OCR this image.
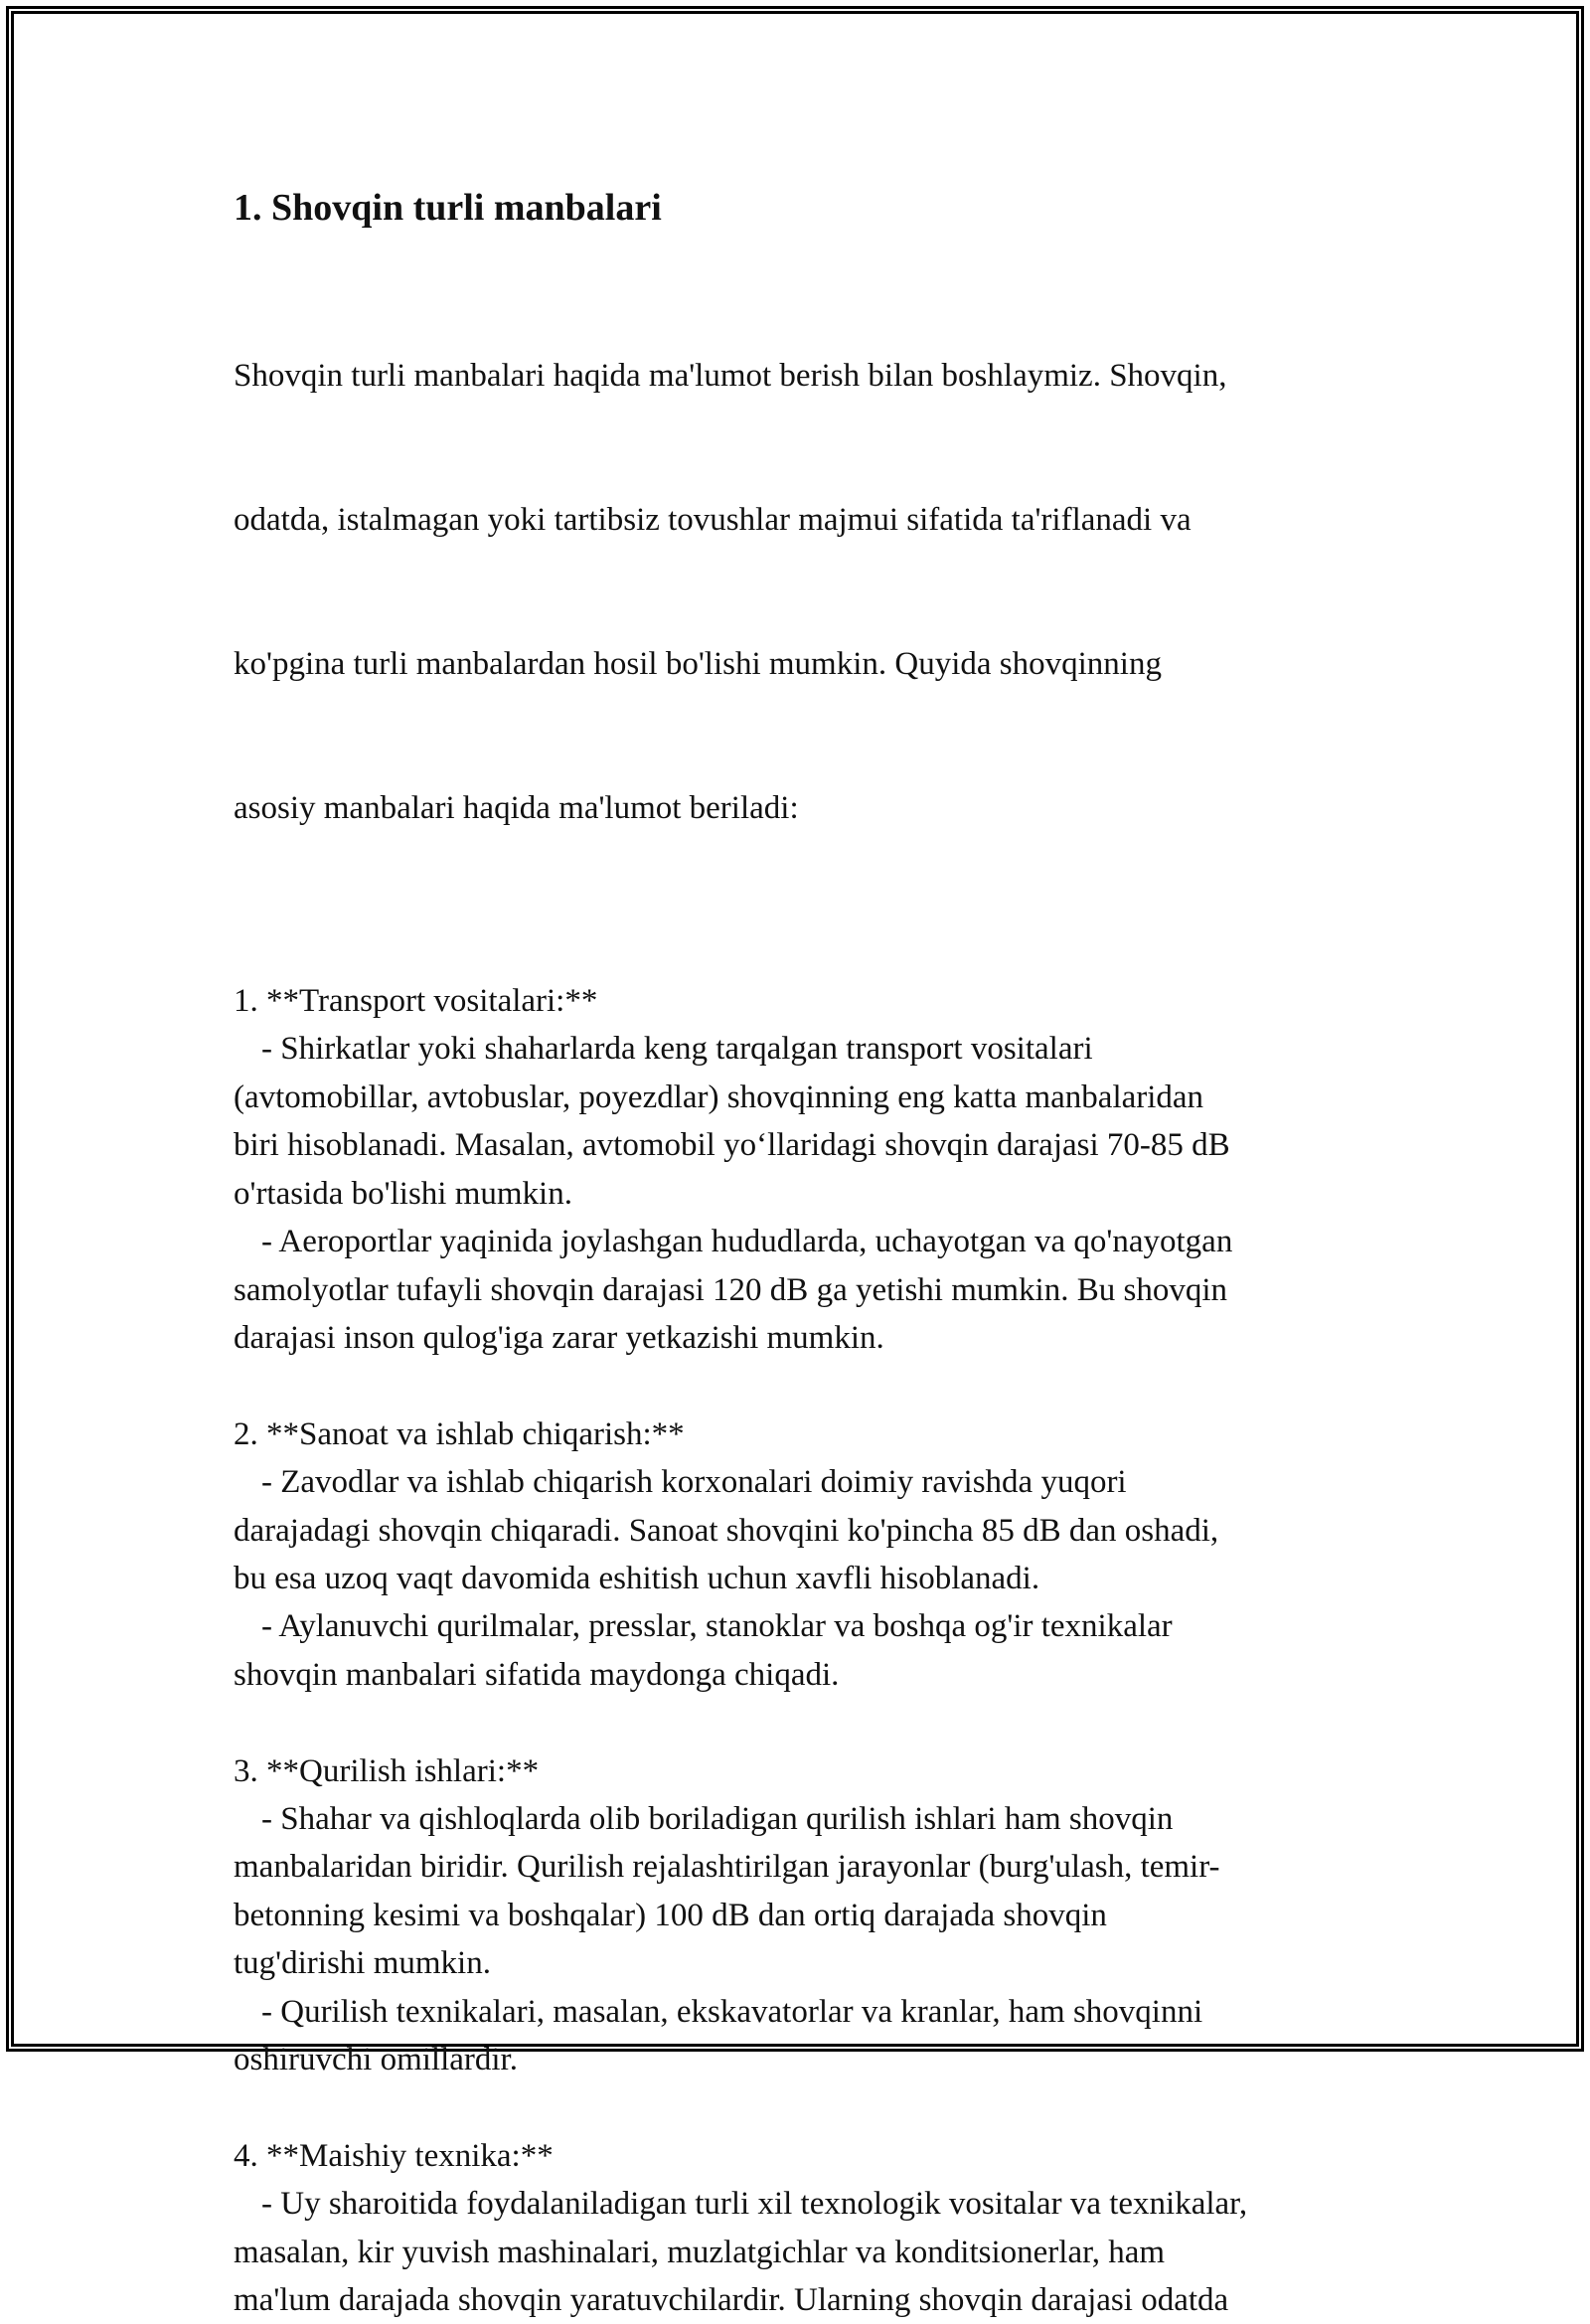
1. Shovqin turli manbalari

Shovqin turli manbalari haqida ma'lumot berish bilan boshlaymiz. Shovqin,

odatda, istalmagan yoki tartibsiz tovushlar majmui sifatida ta'riflanadi va

ko'pgina turli manbalardan hosil bo'lishi mumkin. Quyida shovqinning

asosiy manbalari haqida ma'lumot beriladi:

1. **Transport vositalari:**
- Shirkatlar yoki shaharlarda keng tarqalgan transport vositalari
(avtomobillar, avtobuslar, poyezdlar) shovqinning eng katta manbalaridan
biri hisoblanadi. Masalan, avtomobil yo‘llaridagi shovqin darajasi 70-85 dB
o'rtasida bo'lishi mumkin.
- Aeroportlar yaqinida joylashgan hududlarda, uchayotgan va qo'nayotgan
samolyotlar tufayli shovqin darajasi 120 dB ga yetishi mumkin. Bu shovqin
darajasi inson qulog'iga zarar yetkazishi mumkin.

2. **Sanoat va ishlab chiqarish:**
- Zavodlar va ishlab chiqarish korxonalari doimiy ravishda yuqori
darajadagi shovqin chiqaradi. Sanoat shovqini ko'pincha 85 dB dan oshadi,
bu esa uzoq vaqt davomida eshitish uchun xavfli hisoblanadi.
- Aylanuvchi qurilmalar, presslar, stanoklar va boshqa og'ir texnikalar
shovqin manbalari sifatida maydonga chiqadi.

3. **Qurilish ishlari:**
- Shahar va qishloqlarda olib boriladigan qurilish ishlari ham shovqin
manbalaridan biridir. Qurilish rejalashtirilgan jarayonlar (burg'ulash, temir-
betonning kesimi va boshqalar) 100 dB dan ortiq darajada shovqin
tug'dirishi mumkin.
- Qurilish texnikalari, masalan, ekskavatorlar va kranlar, ham shovqinni
oshiruvchi omillardir.

4. **Maishiy texnika:**
- Uy sharoitida foydalaniladigan turli xil texnologik vositalar va texnikalar,
masalan, kir yuvish mashinalari, muzlatgichlar va konditsionerlar, ham
ma'lum darajada shovqin yaratuvchilardir. Ularning shovqin darajasi odatda
